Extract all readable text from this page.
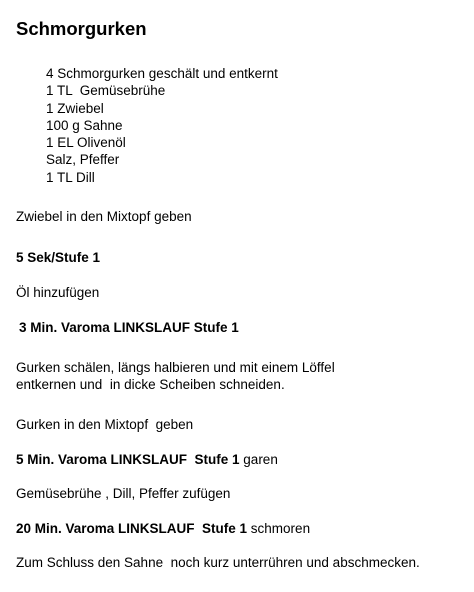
Schmorgurken
4 Schmorgurken geschält und entkernt
1 TL  Gemüsebrühe
1 Zwiebel
100 g Sahne
1 EL Olivenöl
Salz, Pfeffer
1 TL Dill
Zwiebel in den Mixtopf geben
5 Sek/Stufe 1
Öl hinzufügen
3 Min. Varoma LINKSLAUF Stufe 1
Gurken schälen, längs halbieren und mit einem Löffel
entkernen und  in dicke Scheiben schneiden.
Gurken in den Mixtopf  geben
5 Min. Varoma LINKSLAUF  Stufe 1 garen
Gemüsebrühe , Dill, Pfeffer zufügen
20 Min. Varoma LINKSLAUF  Stufe 1 schmoren
Zum Schluss den Sahne  noch kurz unterrühren und abschmecken.
